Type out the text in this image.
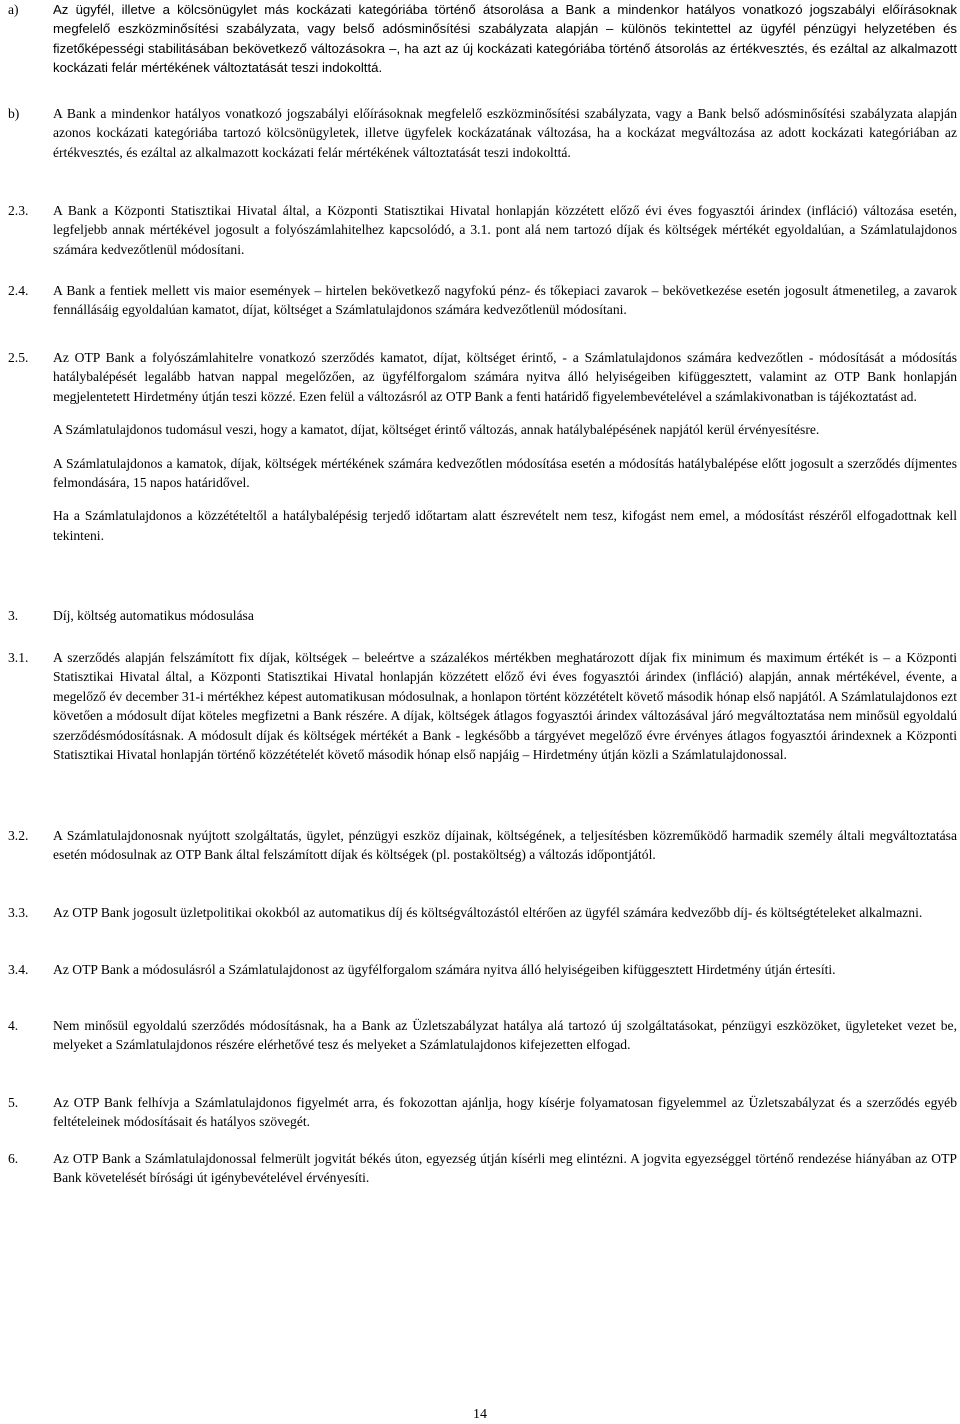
a)	Az ügyfél, illetve a kölcsönügylet más kockázati kategóriába történő átsorolása a Bank a mindenkor hatályos vonatkozó jogszabályi előírásoknak megfelelő eszközminősítési szabályzata, vagy belső adósminősítési szabályzata alapján – különös tekintettel az ügyfél pénzügyi helyzetében és fizetőképességi stabilitásában bekövetkező változásokra –, ha azt az új kockázati kategóriába történő átsorolás az értékvesztés, és ezáltal az alkalmazott kockázati felár mértékének változtatását teszi indokolttá.
b) A Bank a mindenkor hatályos vonatkozó jogszabályi előírásoknak megfelelő eszközminősítési szabályzata, vagy a Bank belső adósminősítési szabályzata alapján azonos kockázati kategóriába tartozó kölcsönügyletek, illetve ügyfelek kockázatának változása, ha a kockázat megváltozása az adott kockázati kategóriában az értékvesztés, és ezáltal az alkalmazott kockázati felár mértékének változtatását teszi indokolttá.
2.3. A Bank a Központi Statisztikai Hivatal által, a Központi Statisztikai Hivatal honlapján közzétett előző évi éves fogyasztói árindex (infláció) változása esetén, legfeljebb annak mértékével jogosult a folyószámlahitelhez kapcsolódó, a 3.1. pont alá nem tartozó díjak és költségek mértékét egyoldalúan, a Számlatulajdonos számára kedvezőtlenül módosítani.
2.4. A Bank a fentiek mellett vis maior események – hirtelen bekövetkező nagyfokú pénz- és tőkepiaci zavarok – bekövetkezése esetén jogosult átmenetileg, a zavarok fennállásáig egyoldalúan kamatot, díjat, költséget a Számlatulajdonos számára kedvezőtlenül módosítani.
2.5. Az OTP Bank a folyószámlahitelre vonatkozó szerződés kamatot, díjat, költséget érintő, - a Számlatulajdonos számára kedvezőtlen - módosítását a módosítás hatálybalépését legalább hatvan nappal megelőzően, az ügyfélforgalom számára nyitva álló helyiségeiben kifüggesztett, valamint az OTP Bank honlapján megjelentetett Hirdetmény útján teszi közzé. Ezen felül a változásról az OTP Bank a fenti határidő figyelembevételével a számlakivonatban is tájékoztatást ad.

A Számlatulajdonos tudomásul veszi, hogy a kamatot, díjat, költséget érintő változás, annak hatálybalépésének napjától kerül érvényesítésre.

A Számlatulajdonos a kamatok, díjak, költségek mértékének számára kedvezőtlen módosítása esetén a módosítás hatálybalépése előtt jogosult a szerződés díjmentes felmondására, 15 napos határidővel.

Ha a Számlatulajdonos a közzétételtől a hatálybalépésig terjedő időtartam alatt észrevételt nem tesz, kifogást nem emel, a módosítást részéről elfogadottnak kell tekinteni.

3.	Díj, költség automatikus módosulása
3.1. A szerződés alapján felszámított fix díjak, költségek – beleértve a százalékos mértékben meghatározott díjak fix minimum és maximum értékét is – a Központi Statisztikai Hivatal által, a Központi Statisztikai Hivatal honlapján közzétett előző évi éves fogyasztói árindex (infláció) alapján, annak mértékével, évente, a megelőző év december 31-i mértékhez képest automatikusan módosulnak, a honlapon történt közzétételt követő második hónap első napjától. A Számlatulajdonos ezt követően a módosult díjat köteles megfizetni a Bank részére. A díjak, költségek átlagos fogyasztói árindex változásával járó megváltoztatása nem minősül egyoldalú szerződésmódosításnak. A módosult díjak és költségek mértékét a Bank - legkésőbb a tárgyévet megelőző évre érvényes átlagos fogyasztói árindexnek a Központi Statisztikai Hivatal honlapján történő közzétételét követő második hónap első napjáig – Hirdetmény útján közli a Számlatulajdonossal.
3.2. A Számlatulajdonosnak nyújtott szolgáltatás, ügylet, pénzügyi eszköz díjainak, költségének, a teljesítésben közreműködő harmadik személy általi megváltoztatása esetén módosulnak az OTP Bank által felszámított díjak és költségek (pl. postaköltség) a változás időpontjától.
3.3. Az OTP Bank jogosult üzletpolitikai okokból az automatikus díj és költségváltozástól eltérően az ügyfél számára kedvezőbb díj- és költségtételeket alkalmazni.
3.4. Az OTP Bank a módosulásról a Számlatulajdonost az ügyfélforgalom számára nyitva álló helyiségeiben kifüggesztett Hirdetmény útján értesíti.
4.	Nem minősül egyoldalú szerződés módosításnak, ha a Bank az Üzletszabályzat hatálya alá tartozó új szolgáltatásokat, pénzügyi eszközöket, ügyleteket vezet be, melyeket a Számlatulajdonos részére elérhetővé tesz és melyeket a Számlatulajdonos kifejezetten elfogad.
5.	Az OTP Bank felhívja a Számlatulajdonos figyelmét arra, és fokozottan ajánlja, hogy kísérje folyamatosan figyelemmel az Üzletszabályzat és a szerződés egyéb feltételeinek módosításait és hatályos szövegét.
6.	Az OTP Bank a Számlatulajdonossal felmerült jogvitát békés úton, egyezség útján kísérli meg elintézni. A jogvita egyezséggel történő rendezése hiányában az OTP Bank követelését bírósági út igénybevételével érvényesíti.
14
